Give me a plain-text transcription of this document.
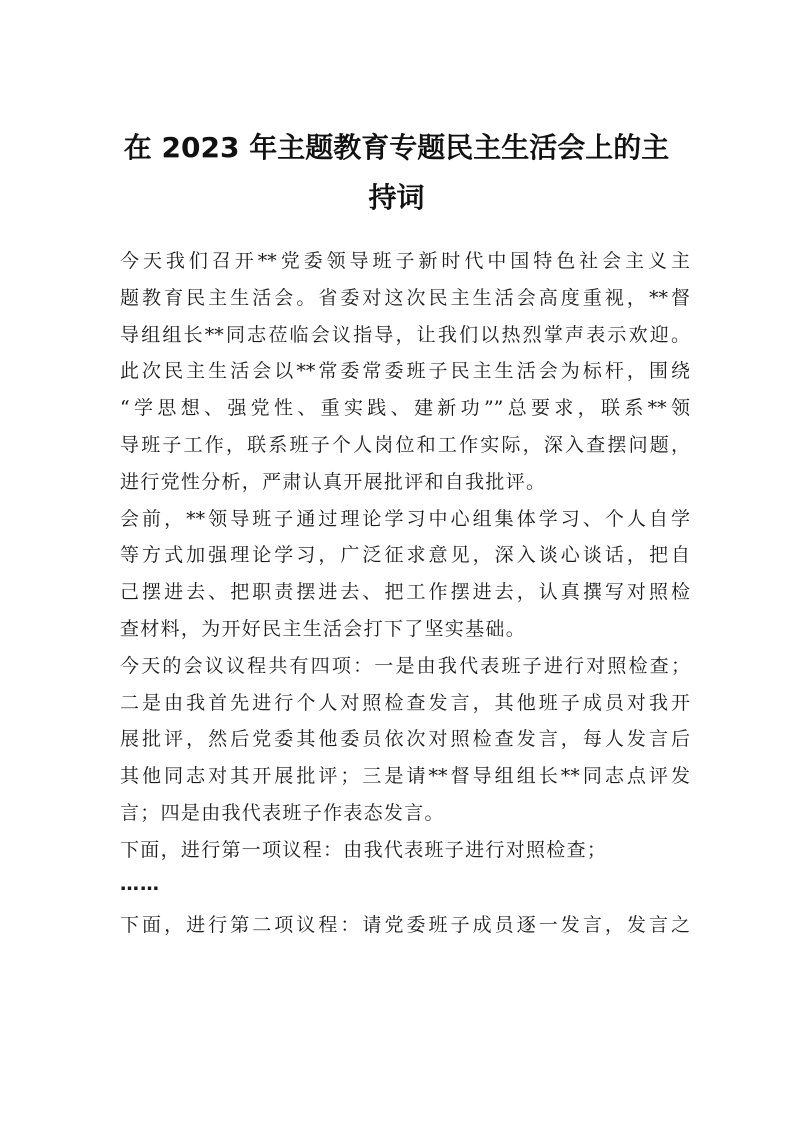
在 2023 年主题教育专题民主生活会上的主
持词
今天我们召开**党委领导班子新时代中国特色社会主义主
题教育民主生活会。省委对这次民主生活会高度重视，**督
导组组长**同志莅临会议指导，让我们以热烈掌声表示欢迎。
此次民主生活会以**常委常委班子民主生活会为标杆，围绕
“学思想、强党性、重实践、建新功””总要求，联系**领
导班子工作，联系班子个人岗位和工作实际，深入查摆问题，
进行党性分析，严肃认真开展批评和自我批评。
会前，**领导班子通过理论学习中心组集体学习、个人自学
等方式加强理论学习，广泛征求意见，深入谈心谈话，把自
己摆进去、把职责摆进去、把工作摆进去，认真撰写对照检
查材料，为开好民主生活会打下了坚实基础。
今天的会议议程共有四项：一是由我代表班子进行对照检查；
二是由我首先进行个人对照检查发言，其他班子成员对我开
展批评，然后党委其他委员依次对照检查发言，每人发言后
其他同志对其开展批评；三是请**督导组组长**同志点评发
言；四是由我代表班子作表态发言。
下面，进行第一项议程：由我代表班子进行对照检查；
……
下面，进行第二项议程：请党委班子成员逐一发言，发言之
